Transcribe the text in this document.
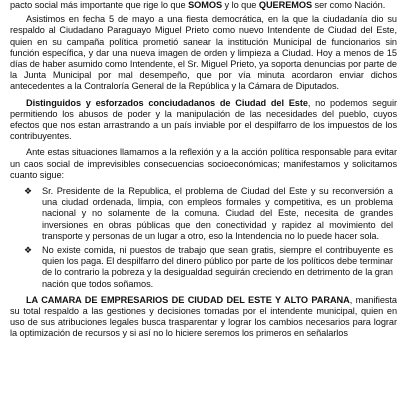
pacto social más importante que rige lo que SOMOS y lo que QUEREMOS ser como Nación.

Asistimos en fecha 5 de mayo a una fiesta democrática, en la que la ciudadanía dio su respaldo al Ciudadano Paraguayo Miguel Prieto como nuevo Intendente de Ciudad del Este, quien en su campaña política prometió sanear la institución Municipal de funcionarios sin función específica, y dar una nueva imagen de orden y limpieza a Ciudad. Hoy a menos de 15 días de haber asumido como Intendente, el Sr. Miguel Prieto, ya soporta denuncias por parte de la Junta Municipal por mal desempeño, que por vía minuta acordaron enviar dichos antecedentes a la Contraloría General de la República y la Cámara de Diputados.

Distinguidos y esforzados conciudadanos de Ciudad del Este, no podemos seguir permitiendo los abusos de poder y la manipulación de las necesidades del pueblo, cuyos efectos que nos estan arrastrando a un país inviable por el despilfarro de los impuestos de los contribuyentes.

Ante estas situaciones llamamos a la reflexión y a la acción política responsable para evitar un caos social de imprevisibles consecuencias socioeconómicas; manifestamos y solicitamos cuanto sigue:

❖ Sr. Presidente de la Republica, el problema de Ciudad del Este y su reconversión a una ciudad ordenada, limpia, con empleos formales y competitiva, es un problema nacional y no solamente de la comuna. Ciudad del Este, necesita de grandes inversiones en obras públicas que den conectividad y rapidez al movimiento del transporte y personas de un lugar a otro, eso la Intendencia no lo puede hacer sola.
❖ No existe comida, ni puestos de trabajo que sean gratis, siempre el contribuyente es quien los paga. El despilfarro del dinero público por parte de los políticos debe terminar de lo contrario la pobreza y la desigualdad seguirán creciendo en detrimento de la gran nación que todos soñamos.

LA CAMARA DE EMPRESARIOS DE CIUDAD DEL ESTE Y ALTO PARANA, manifiesta su total respaldo a las gestiones y decisiones tomadas por el intendente municipal, quien en uso de sus atribuciones legales busca trasparentar y lograr los cambios necesarios para lograr la optimización de recursos y si así no lo hiciere seremos los primeros en señalarlos
